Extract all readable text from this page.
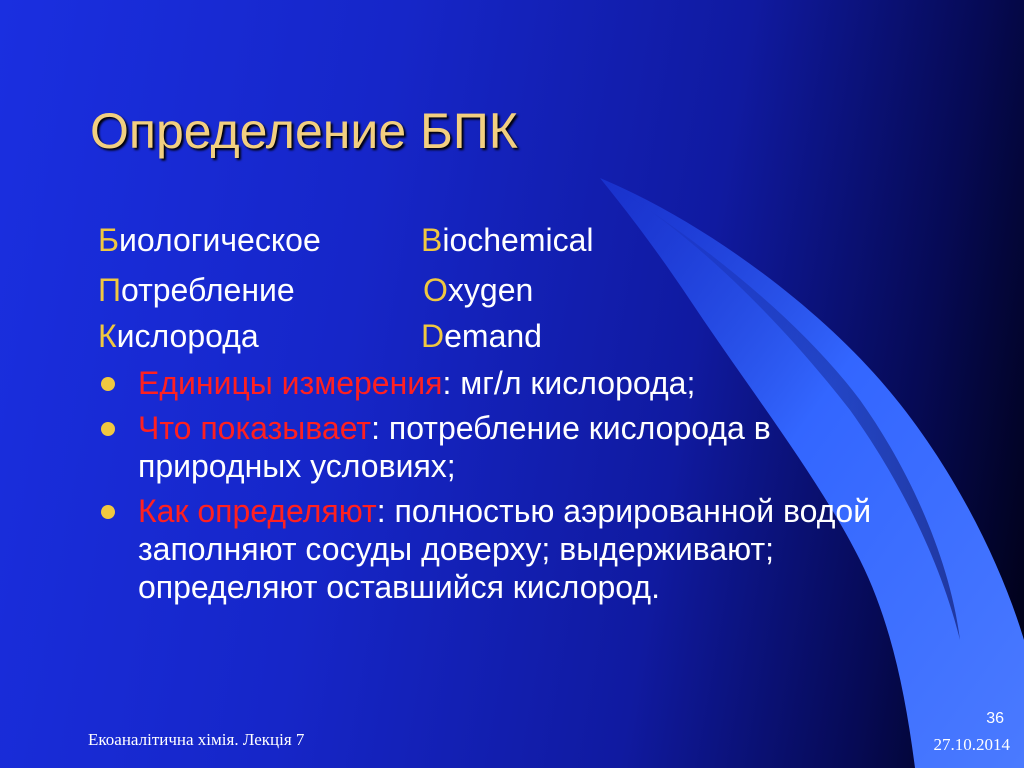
Определение БПК
Биологическое	Biochemical
Потребление	Oxygen
Кислорода	Demand
Единицы измерения: мг/л кислорода;
Что показывает: потребление кислорода в природных условиях;
Как определяют: полностью аэрированной водой заполняют сосуды доверху; выдерживают; определяют оставшийся кислород.
Екоаналітична хімія. Лекція 7
36
27.10.2014
